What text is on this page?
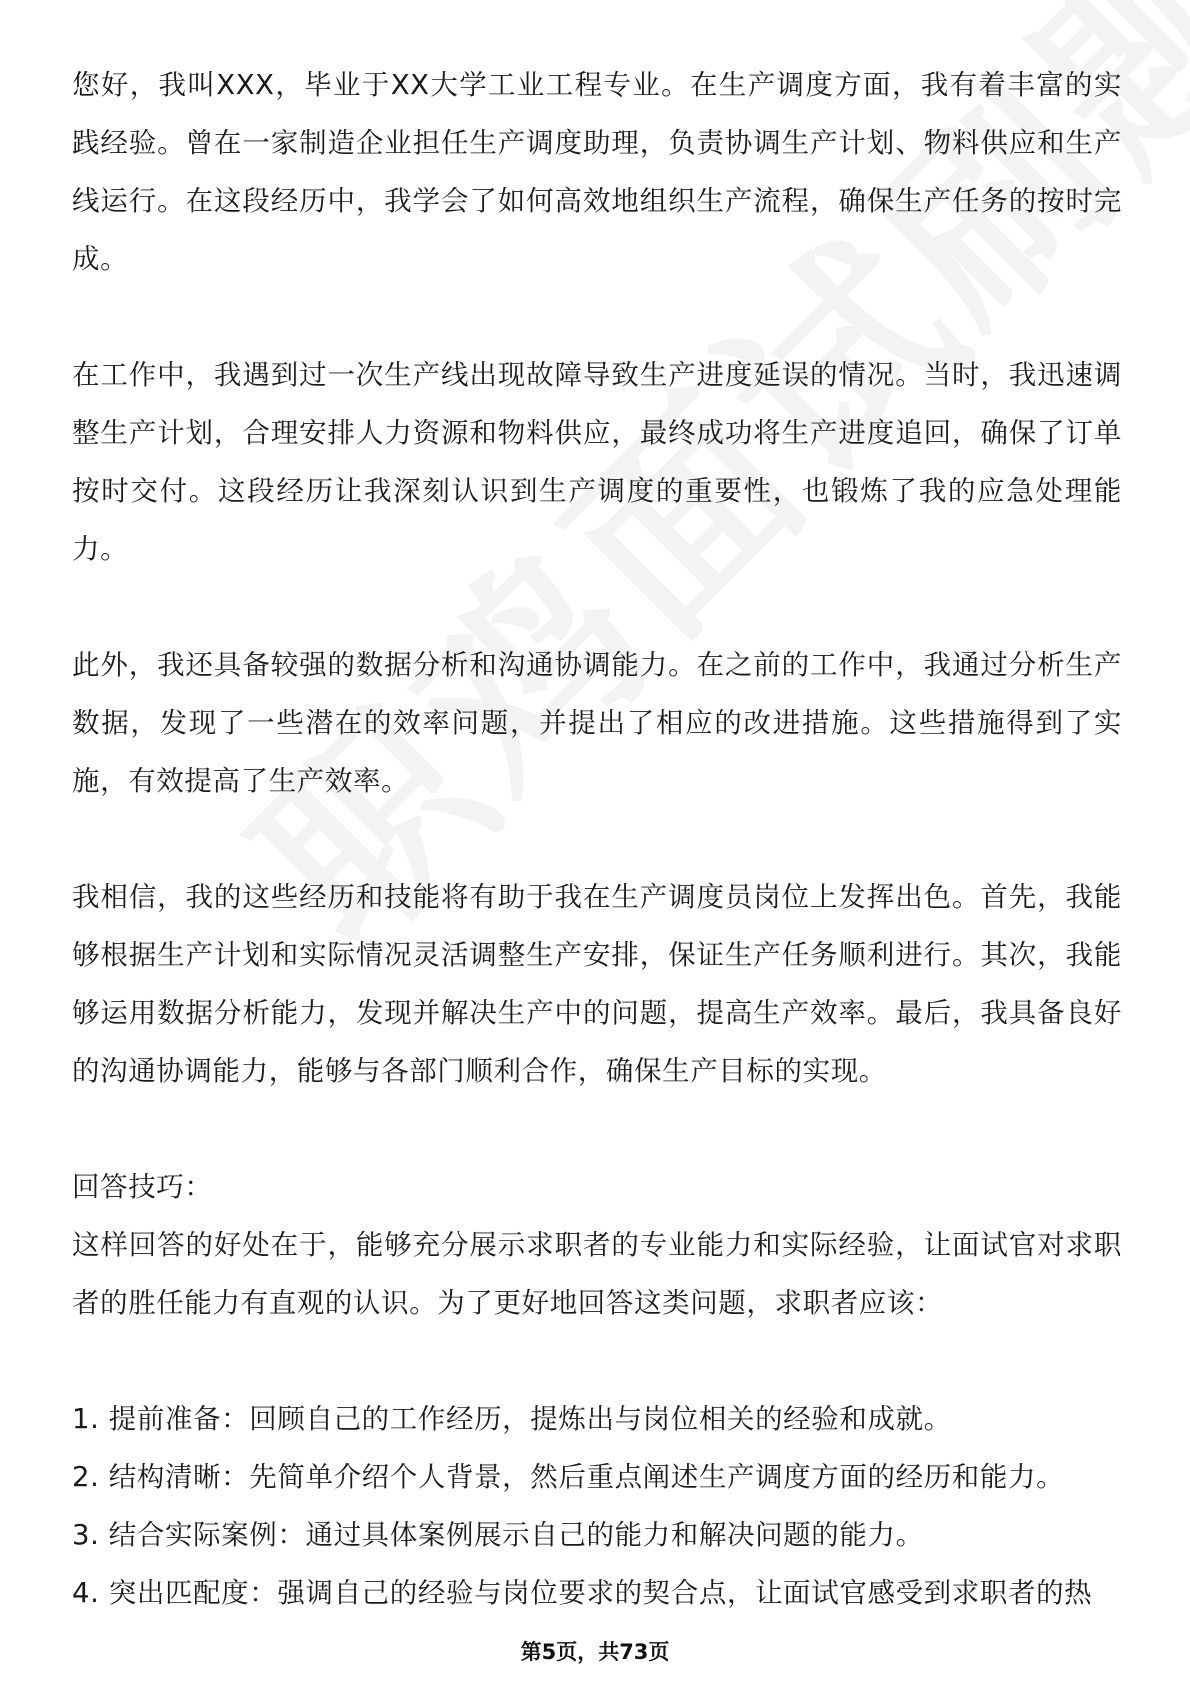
您好，我叫XXX，毕业于XX大学工业工程专业。在生产调度方面，我有着丰富的实践经验。曾在一家制造企业担任生产调度助理，负责协调生产计划、物料供应和生产线运行。在这段经历中，我学会了如何高效地组织生产流程，确保生产任务的按时完成。

在工作中，我遇到过一次生产线出现故障导致生产进度延误的情况。当时，我迅速调整生产计划，合理安排人力资源和物料供应，最终成功将生产进度追回，确保了订单按时交付。这段经历让我深刻认识到生产调度的重要性，也锻炼了我的应急处理能力。

此外，我还具备较强的数据分析和沟通协调能力。在之前的工作中，我通过分析生产数据，发现了一些潜在的效率问题，并提出了相应的改进措施。这些措施得到了实施，有效提高了生产效率。

我相信，我的这些经历和技能将有助于我在生产调度员岗位上发挥出色。首先，我能够根据生产计划和实际情况灵活调整生产安排，保证生产任务顺利进行。其次，我能够运用数据分析能力，发现并解决生产中的问题，提高生产效率。最后，我具备良好的沟通协调能力，能够与各部门顺利合作，确保生产目标的实现。

回答技巧：

这样回答的好处在于，能够充分展示求职者的专业能力和实际经验，让面试官对求职者的胜任能力有直观的认识。为了更好地回答这类问题，求职者应该：

1. 提前准备：回顾自己的工作经历，提炼出与岗位相关的经验和成就。

2. 结构清晰：先简单介绍个人背景，然后重点阐述生产调度方面的经历和能力。

3. 结合实际案例：通过具体案例展示自己的能力和解决问题的能力。

4. 突出匹配度：强调自己的经验与岗位要求的契合点，让面试官感受到求职者的热

第5页，共73页
